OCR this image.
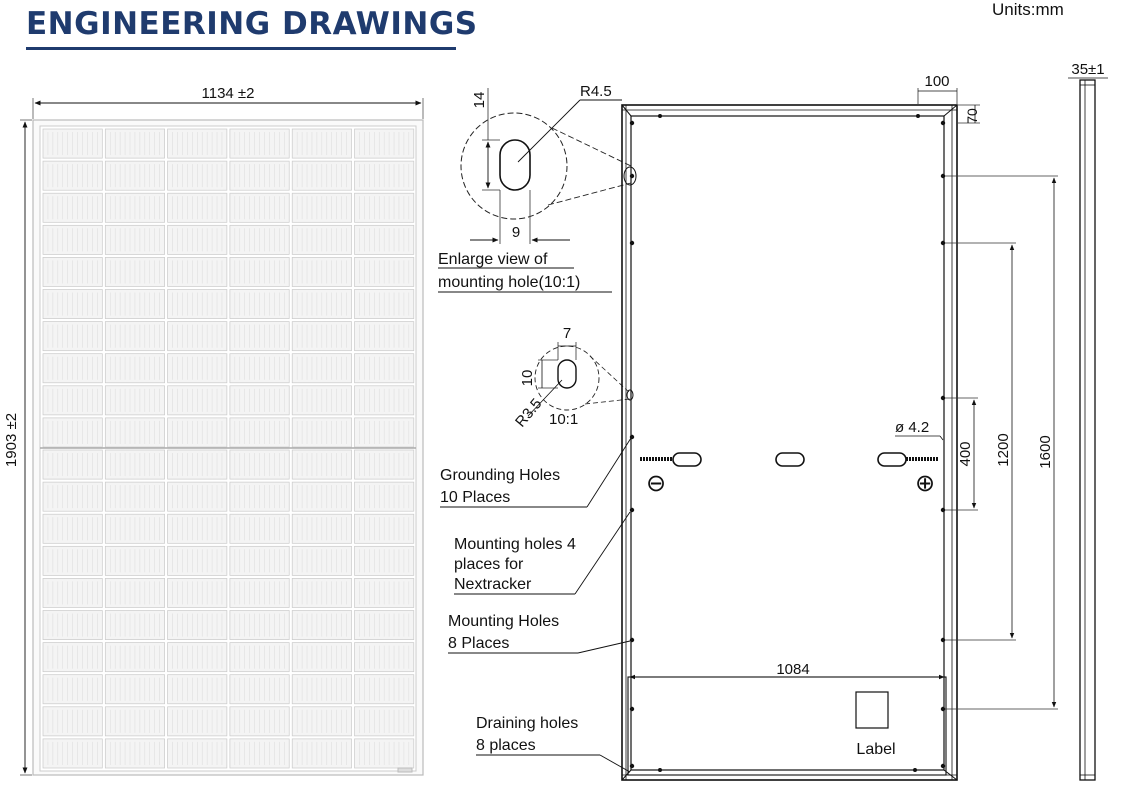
ENGINEERING DRAWINGS	Units:mm
1134 ±2
1903 ±2
14
9
R4.5
Enlarge view of
mounting hole(10:1)
7
10
R3.5 10:1
Label
⊖	⊕
100
70
1084
400 1200 1600
ø 4.2
35±1
Grounding Holes
10 Places
Mounting holes 4
places for
Nextracker
Mounting Holes
8 Places
Draining holes
8 places
